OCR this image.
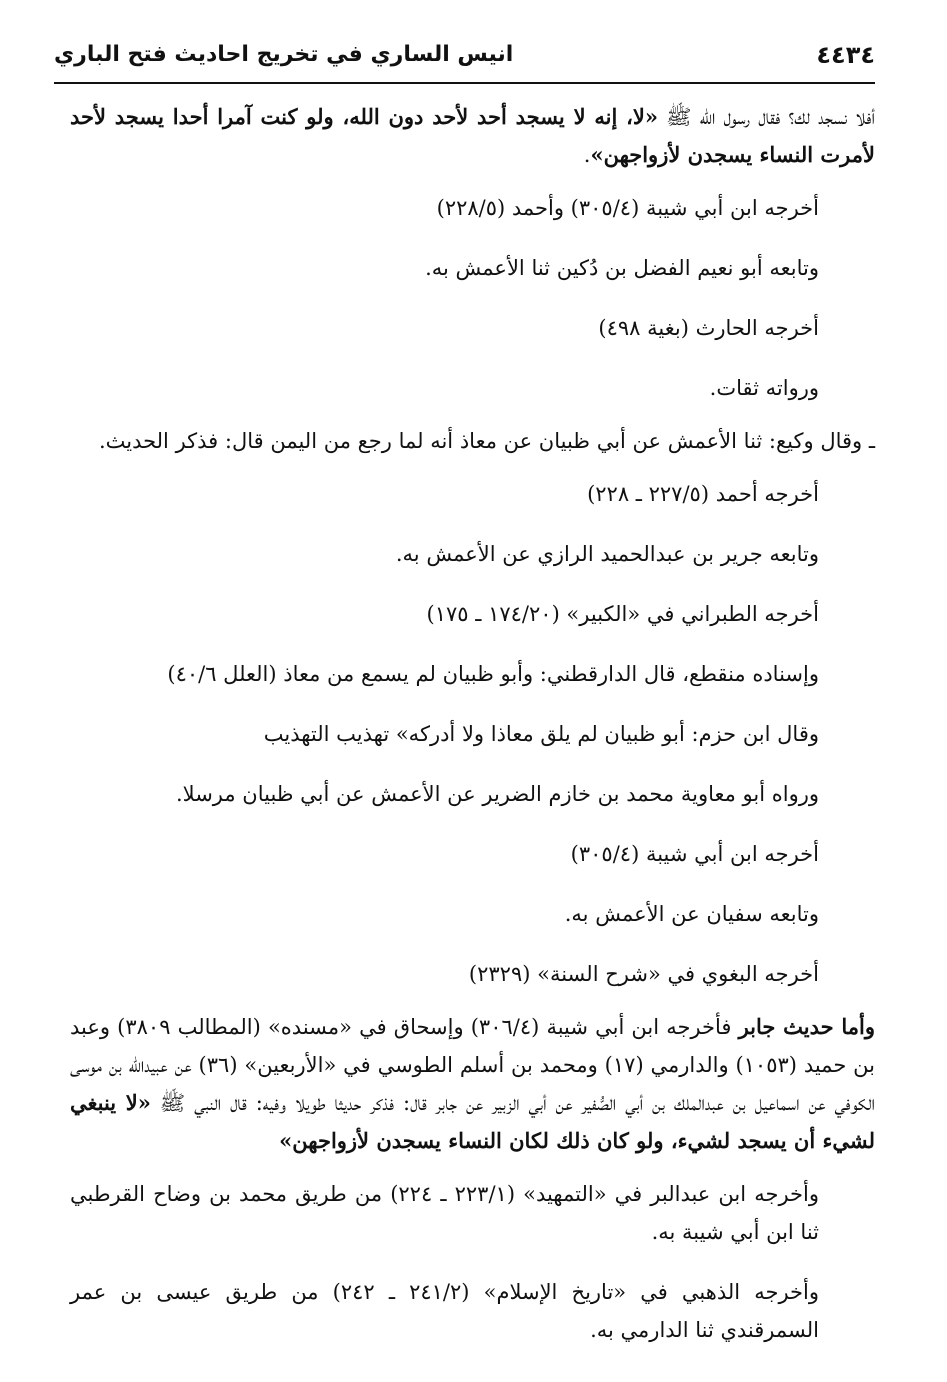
٤٤٣٤
انيس الساري في تخريج احاديث فتح الباري

أفلا نسجد لك؟ فقال رسول الله ﷺ «لا، إنه لا يسجد أحد لأحد دون الله، ولو كنت آمرا أحدا يسجد لأحد لأمرت النساء يسجدن لأزواجهن».

أخرجه ابن أبي شيبة (٣٠٥/٤) وأحمد (٢٢٨/٥)

وتابعه أبو نعيم الفضل بن دُكين ثنا الأعمش به.

أخرجه الحارث (بغية ٤٩٨)

ورواته ثقات.

ـ وقال وكيع: ثنا الأعمش عن أبي ظبيان عن معاذ أنه لما رجع من اليمن قال: فذكر الحديث.

أخرجه أحمد (٢٢٧/٥ ـ ٢٢٨)

وتابعه جرير بن عبدالحميد الرازي عن الأعمش به.

أخرجه الطبراني في «الكبير» (١٧٤/٢٠ ـ ١٧٥)

وإسناده منقطع، قال الدارقطني: وأبو ظبيان لم يسمع من معاذ (العلل ٤٠/٦)

وقال ابن حزم: أبو ظبيان لم يلق معاذا ولا أدركه» تهذيب التهذيب

ورواه أبو معاوية محمد بن خازم الضرير عن الأعمش عن أبي ظبيان مرسلا.

أخرجه ابن أبي شيبة (٣٠٥/٤)

وتابعه سفيان عن الأعمش به.

أخرجه البغوي في «شرح السنة» (٢٣٢٩)

وأما حديث جابر فأخرجه ابن أبي شيبة (٣٠٦/٤) وإسحاق في «مسنده» (المطالب ٣٨٠٩) وعبد بن حميد (١٠٥٣) والدارمي (١٧) ومحمد بن أسلم الطوسي في «الأربعين» (٣٦) عن عبيدالله بن موسى الكوفي عن اسماعيل بن عبدالملك بن أبي الصُّفير عن أبي الزبير عن جابر قال: فذكر حديثا طويلا وفيه: قال النبي ﷺ «لا ينبغي لشيء أن يسجد لشيء، ولو كان ذلك لكان النساء يسجدن لأزواجهن»

وأخرجه ابن عبدالبر في «التمهيد» (٢٢٣/١ ـ ٢٢٤) من طريق محمد بن وضاح القرطبي ثنا ابن أبي شيبة به.

وأخرجه الذهبي في «تاريخ الإسلام» (٢٤١/٢ ـ ٢٤٢) من طريق عيسى بن عمر السمرقندي ثنا الدارمي به.
